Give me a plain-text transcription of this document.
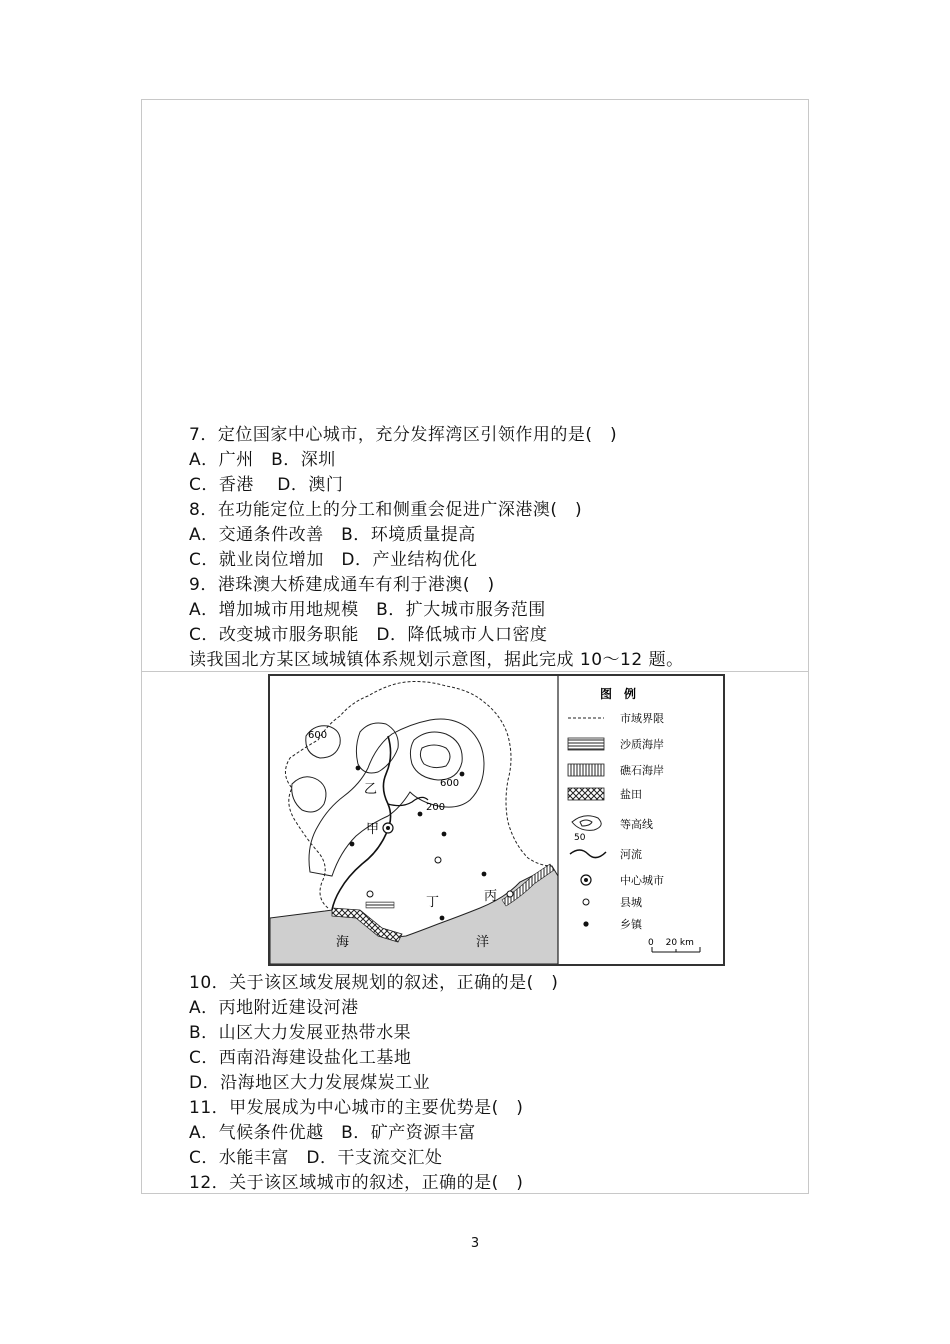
7．定位国家中心城市，充分发挥湾区引领作用的是(　)
A．广州　B．深圳
C．香港　 D．澳门
8．在功能定位上的分工和侧重会促进广深港澳(　)
A．交通条件改善　B．环境质量提高
C．就业岗位增加　D．产业结构优化
9．港珠澳大桥建成通车有利于港澳(　)
A．增加城市用地规模　B．扩大城市服务范围
C．改变城市服务职能　D．降低城市人口密度
读我国北方某区域城镇体系规划示意图，据此完成 10～12 题。
600
600
200
乙
甲
丁	丙
海	洋
图　例
市域界限
沙质海岸
礁石海岸
盐田
50
等高线
河流
中心城市
县城
乡镇
0　 20 km
10．关于该区域发展规划的叙述，正确的是(　)
A．丙地附近建设河港
B．山区大力发展亚热带水果
C．西南沿海建设盐化工基地
D．沿海地区大力发展煤炭工业
11．甲发展成为中心城市的主要优势是(　)
A．气候条件优越　B．矿产资源丰富
C．水能丰富　D．干支流交汇处
12．关于该区域城市的叙述，正确的是(　)
3
